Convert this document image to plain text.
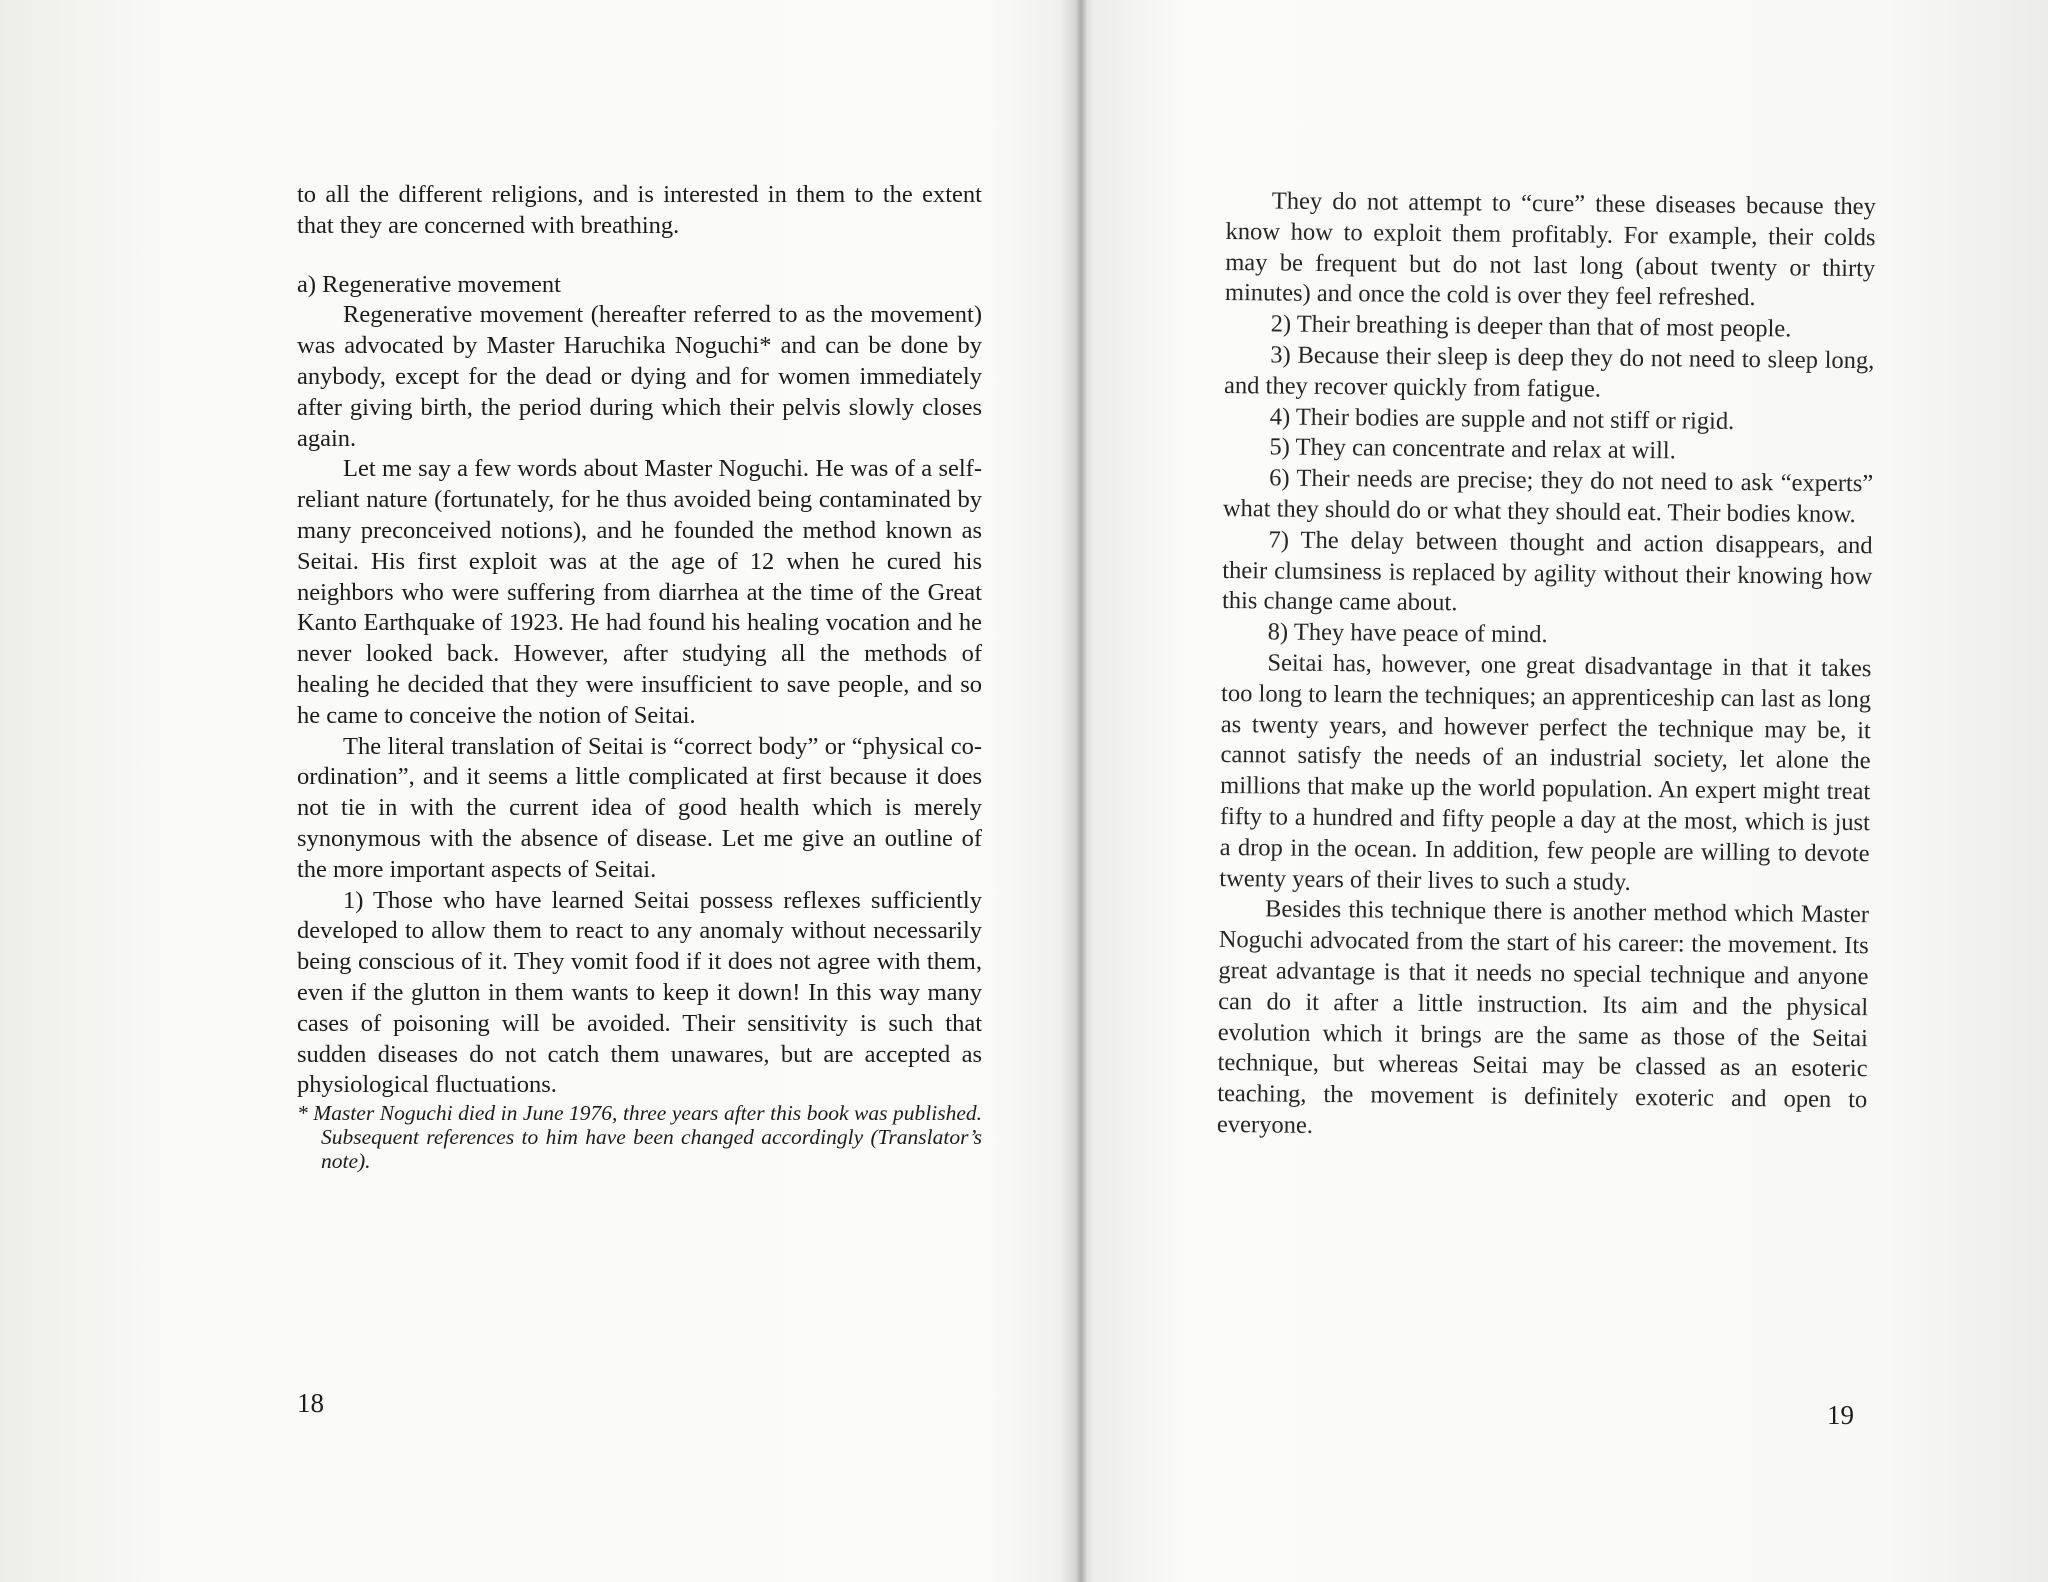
to all the different religions, and is interested in them to the extent that they are concerned with breathing.

a) Regenerative movement

Regenerative movement (hereafter referred to as the movement) was advocated by Master Haruchika Noguchi* and can be done by anybody, except for the dead or dying and for women immediately after giving birth, the period during which their pelvis slowly closes again.

Let me say a few words about Master Noguchi. He was of a self-reliant nature (fortunately, for he thus avoided being contaminated by many preconceived notions), and he founded the method known as Seitai. His first exploit was at the age of 12 when he cured his neighbors who were suffering from diarrhea at the time of the Great Kanto Earthquake of 1923. He had found his healing vocation and he never looked back. However, after studying all the methods of healing he decided that they were insufficient to save people, and so he came to conceive the notion of Seitai.

The literal translation of Seitai is “correct body” or “physical co-ordination”, and it seems a little complicated at first because it does not tie in with the current idea of good health which is merely synonymous with the absence of disease. Let me give an outline of the more important aspects of Seitai.

1) Those who have learned Seitai possess reflexes sufficiently developed to allow them to react to any anomaly without necessarily being conscious of it. They vomit food if it does not agree with them, even if the glutton in them wants to keep it down! In this way many cases of poisoning will be avoided. Their sensitivity is such that sudden diseases do not catch them unawares, but are accepted as physiological fluctuations.

* Master Noguchi died in June 1976, three years after this book was published. Subsequent references to him have been changed accordingly (Translator’s note).

18

They do not attempt to “cure” these diseases because they know how to exploit them profitably. For example, their colds may be frequent but do not last long (about twenty or thirty minutes) and once the cold is over they feel refreshed.

2) Their breathing is deeper than that of most people.

3) Because their sleep is deep they do not need to sleep long, and they recover quickly from fatigue.

4) Their bodies are supple and not stiff or rigid.

5) They can concentrate and relax at will.

6) Their needs are precise; they do not need to ask “experts” what they should do or what they should eat. Their bodies know.

7) The delay between thought and action disappears, and their clumsiness is replaced by agility without their knowing how this change came about.

8) They have peace of mind.

Seitai has, however, one great disadvantage in that it takes too long to learn the techniques; an apprenticeship can last as long as twenty years, and however perfect the technique may be, it cannot satisfy the needs of an industrial society, let alone the millions that make up the world population. An expert might treat fifty to a hundred and fifty people a day at the most, which is just a drop in the ocean. In addition, few people are willing to devote twenty years of their lives to such a study.

Besides this technique there is another method which Master Noguchi advocated from the start of his career: the movement. Its great advantage is that it needs no special technique and anyone can do it after a little instruction. Its aim and the physical evolution which it brings are the same as those of the Seitai technique, but whereas Seitai may be classed as an esoteric teaching, the movement is definitely exoteric and open to everyone.

19
